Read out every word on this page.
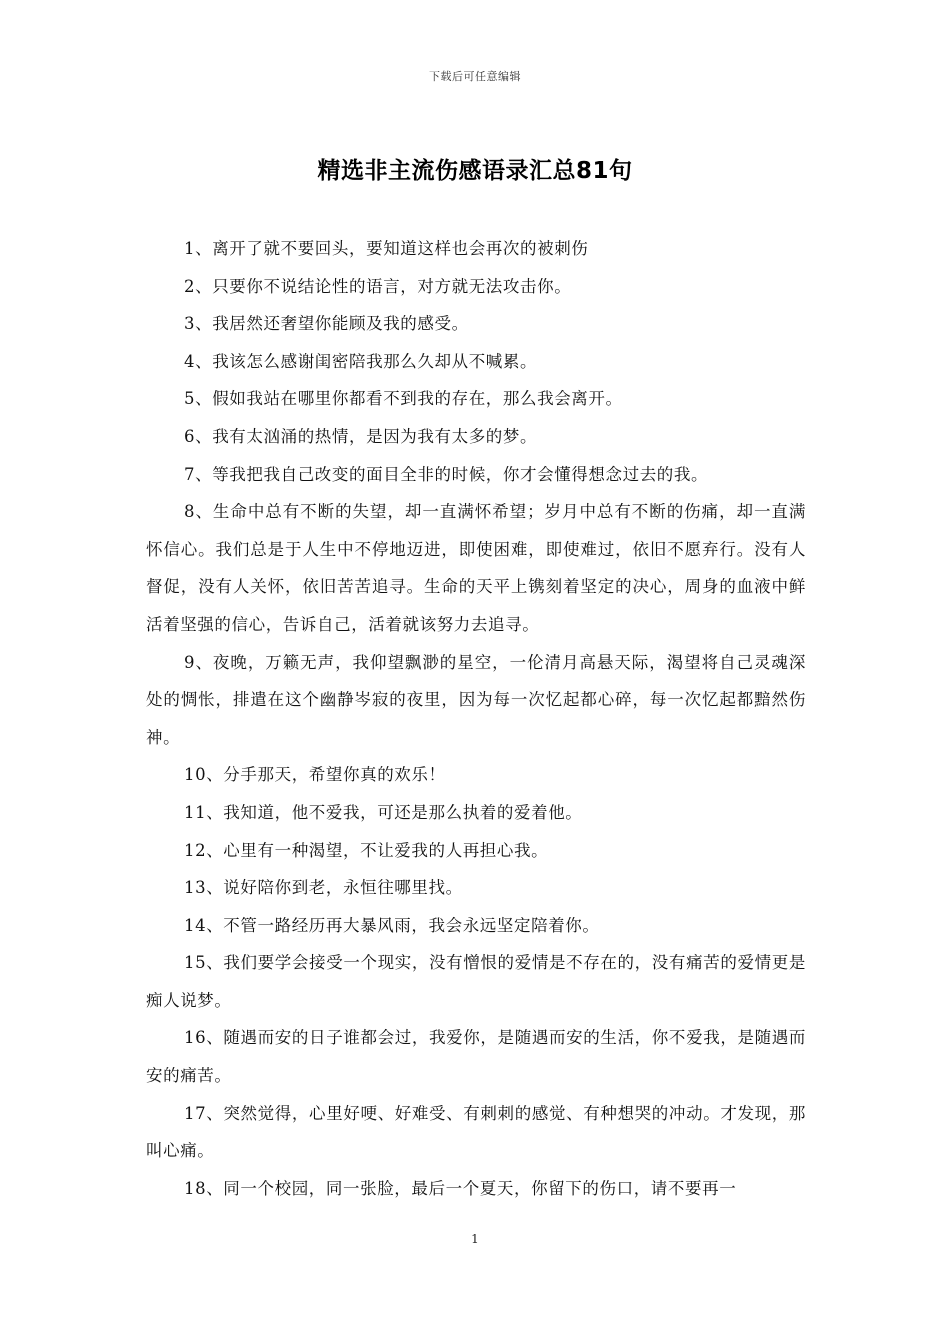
下载后可任意编辑
精选非主流伤感语录汇总81句

1、离开了就不要回头，要知道这样也会再次的被刺伤

2、只要你不说结论性的语言，对方就无法攻击你。

3、我居然还奢望你能顾及我的感受。

4、我该怎么感谢闺密陪我那么久却从不喊累。

5、假如我站在哪里你都看不到我的存在，那么我会离开。

6、我有太汹涌的热情，是因为我有太多的梦。

7、等我把我自己改变的面目全非的时候，你才会懂得想念过去的我。

8、生命中总有不断的失望，却一直满怀希望；岁月中总有不断的伤痛，却一直满怀信心。我们总是于人生中不停地迈进，即使困难，即使难过，依旧不愿弃行。没有人督促，没有人关怀，依旧苦苦追寻。生命的天平上镌刻着坚定的决心，周身的血液中鲜活着坚强的信心，告诉自己，活着就该努力去追寻。

9、夜晚，万籁无声，我仰望飘渺的星空，一伦清月高悬天际，渴望将自己灵魂深处的惆怅，排遣在这个幽静岑寂的夜里，因为每一次忆起都心碎，每一次忆起都黯然伤神。

10、分手那天，希望你真的欢乐！

11、我知道，他不爱我，可还是那么执着的爱着他。

12、心里有一种渴望，不让爱我的人再担心我。

13、说好陪你到老，永恒往哪里找。

14、不管一路经历再大暴风雨，我会永远坚定陪着你。

15、我们要学会接受一个现实，没有憎恨的爱情是不存在的，没有痛苦的爱情更是痴人说梦。

16、随遇而安的日子谁都会过，我爱你，是随遇而安的生活，你不爱我，是随遇而安的痛苦。

17、突然觉得，心里好哽、好难受、有刺刺的感觉、有种想哭的冲动。才发现，那叫心痛。

18、同一个校园，同一张脸，最后一个夏天，你留下的伤口，请不要再一

1
